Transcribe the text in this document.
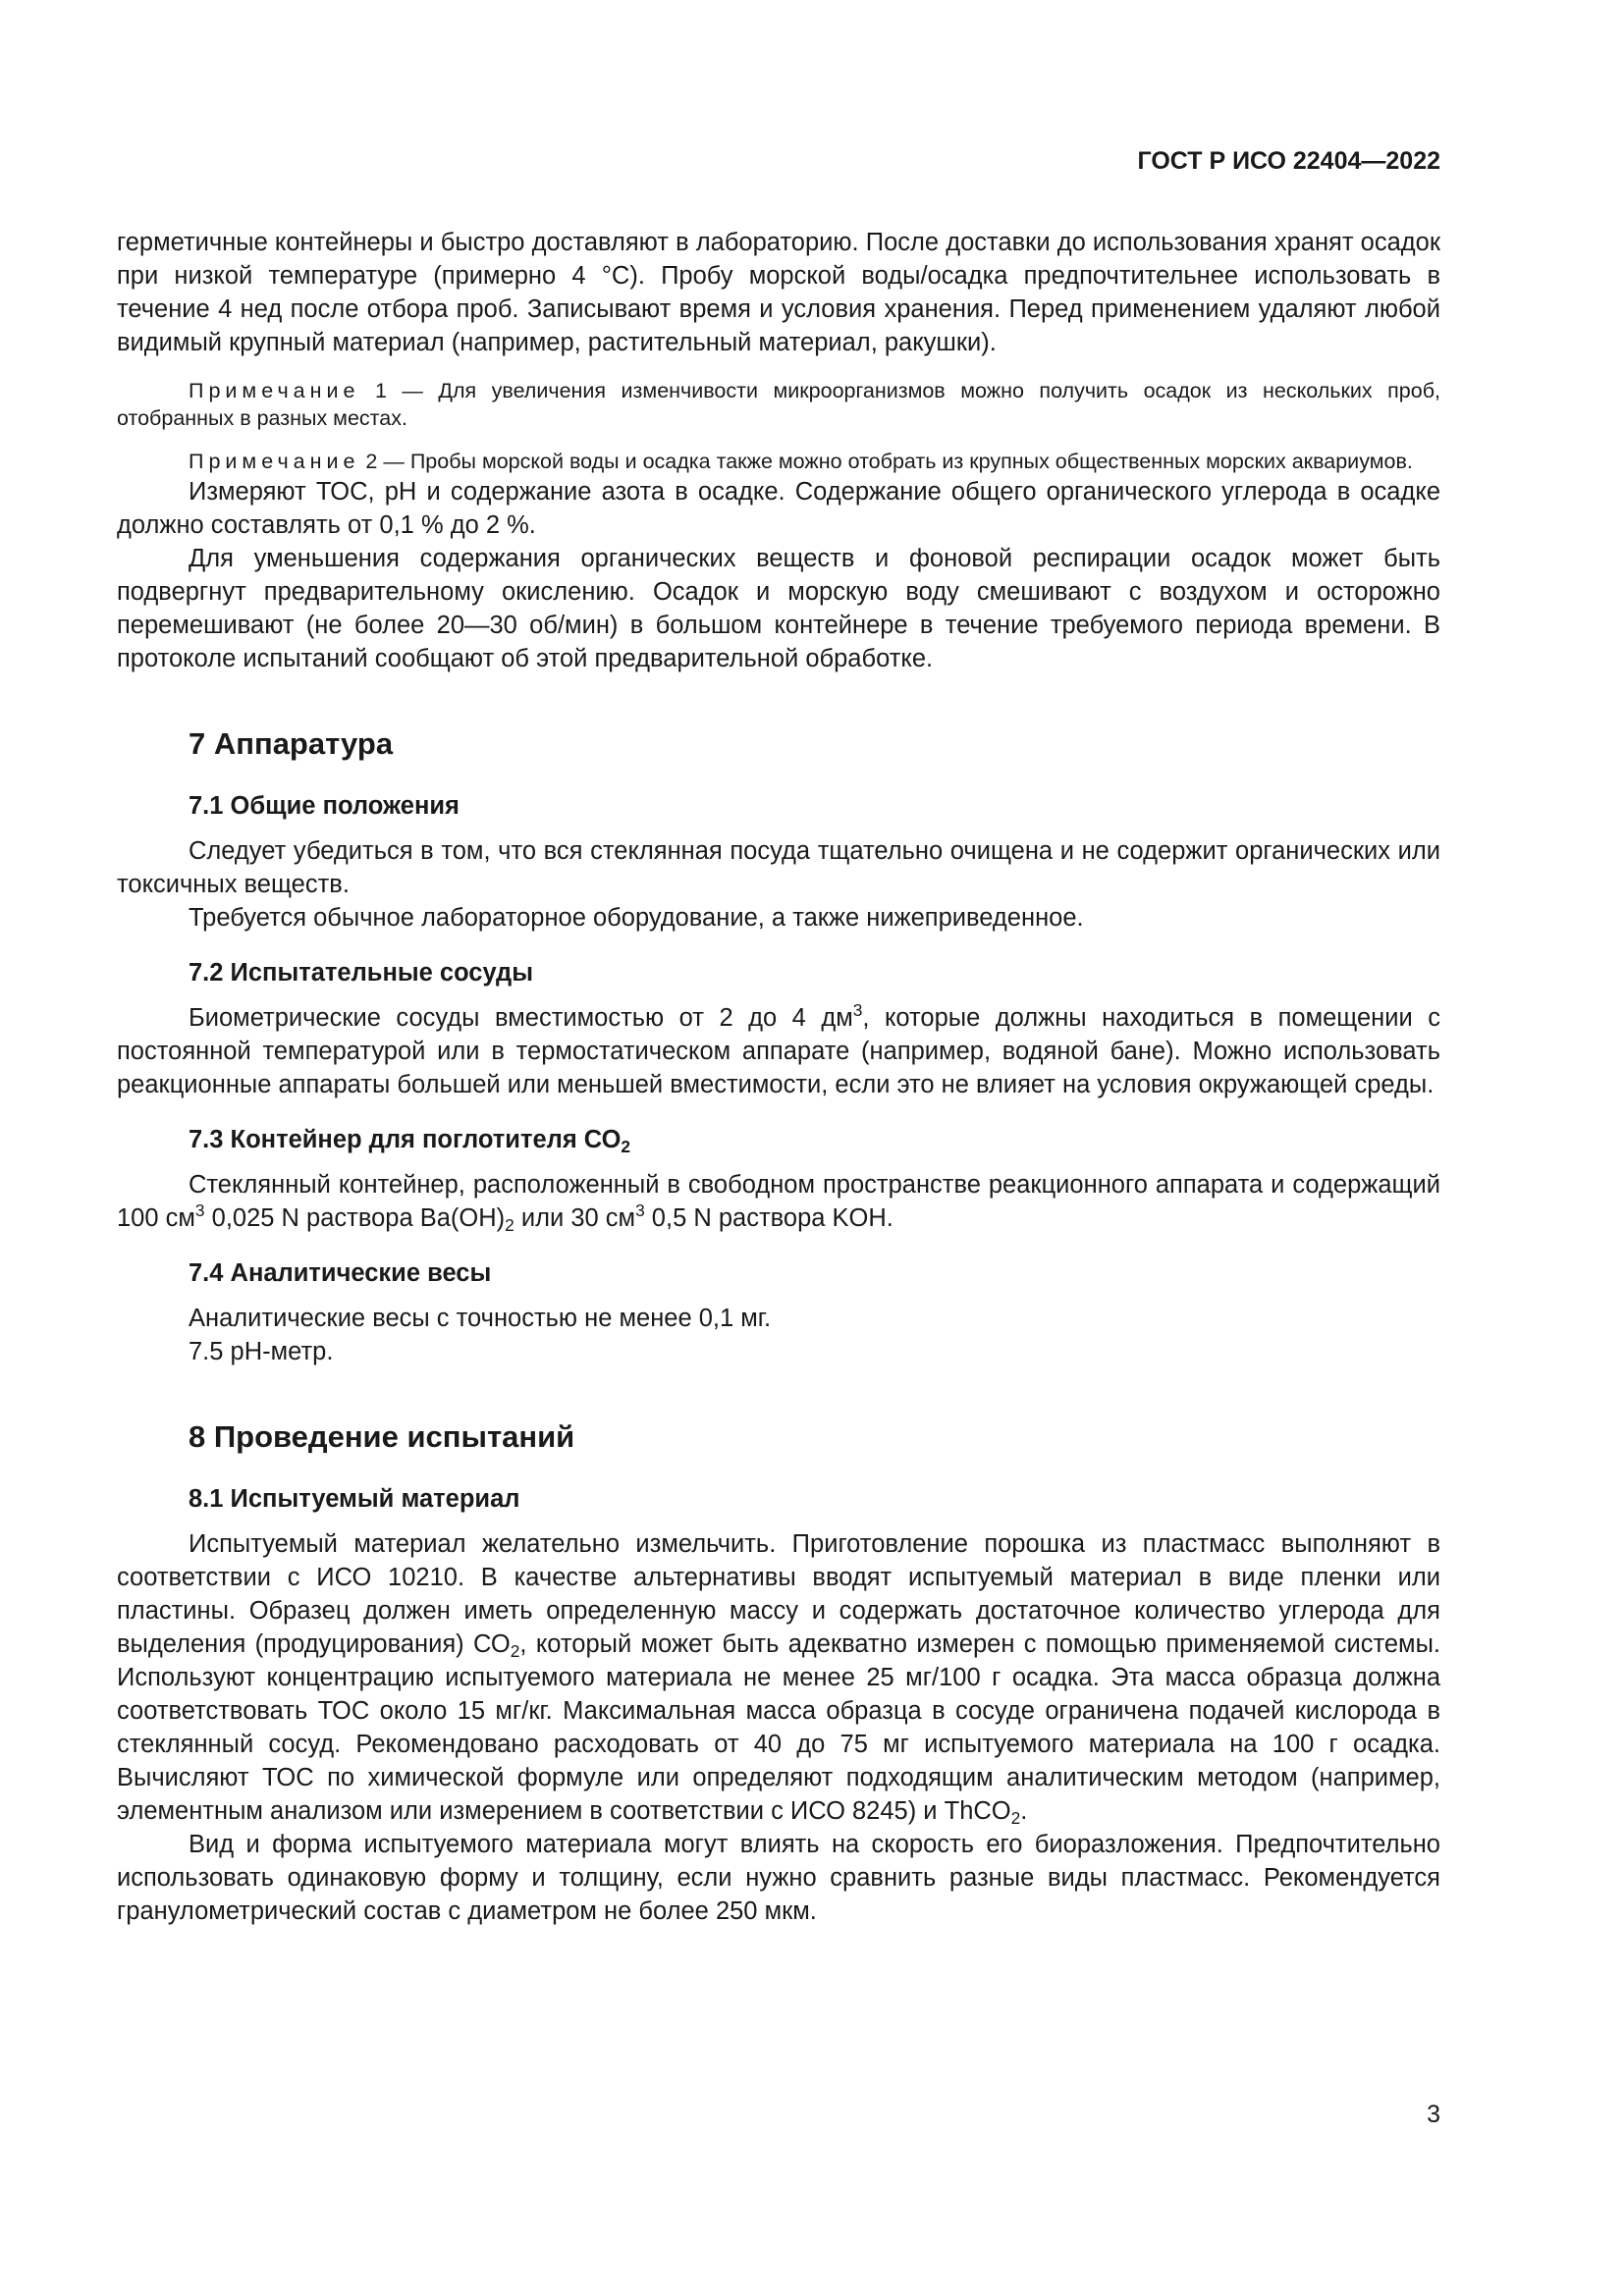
ГОСТ Р ИСО 22404—2022

герметичные контейнеры и быстро доставляют в лабораторию. После доставки до использования хранят осадок при низкой температуре (примерно 4 °С). Пробу морской воды/осадка предпочтительнее использовать в течение 4 нед после отбора проб. Записывают время и условия хранения. Перед применением удаляют любой видимый крупный материал (например, растительный материал, ракушки).

Примечание 1 — Для увеличения изменчивости микроорганизмов можно получить осадок из нескольких проб, отобранных в разных местах.
Примечание 2 — Пробы морской воды и осадка также можно отобрать из крупных общественных морских аквариумов.

Измеряют ТОС, рН и содержание азота в осадке. Содержание общего органического углерода в осадке должно составлять от 0,1 % до 2 %.

Для уменьшения содержания органических веществ и фоновой респирации осадок может быть подвергнут предварительному окислению. Осадок и морскую воду смешивают с воздухом и осторожно перемешивают (не более 20—30 об/мин) в большом контейнере в течение требуемого периода времени. В протоколе испытаний сообщают об этой предварительной обработке.

7 Аппаратура
7.1 Общие положения

Следует убедиться в том, что вся стеклянная посуда тщательно очищена и не содержит органических или токсичных веществ.

Требуется обычное лабораторное оборудование, а также нижеприведенное.

7.2 Испытательные сосуды

Биометрические сосуды вместимостью от 2 до 4 $дм^3$, которые должны находиться в помещении с постоянной температурой или в термостатическом аппарате (например, водяной бане). Можно использовать реакционные аппараты большей или меньшей вместимости, если это не влияет на условия окружающей среды.

7.3 Контейнер для поглотителя $СО_2$

Стеклянный контейнер, расположенный в свободном пространстве реакционного аппарата и содержащий 100 $см^3$ 0,025 N раствора $Ba(OH)_2$ или 30 $см^3$ 0,5 N раствора KOH.

7.4 Аналитические весы

Аналитические весы с точностью не менее 0,1 мг.

7.5 рН-метр.

8 Проведение испытаний
8.1 Испытуемый материал

Испытуемый материал желательно измельчить. Приготовление порошка из пластмасс выполняют в соответствии с ИСО 10210. В качестве альтернативы вводят испытуемый материал в виде пленки или пластины. Образец должен иметь определенную массу и содержать достаточное количество углерода для выделения (продуцирования) $СО_2$, который может быть адекватно измерен с помощью применяемой системы. Используют концентрацию испытуемого материала не менее 25 мг/100 г осадка. Эта масса образца должна соответствовать ТОС около 15 мг/кг. Максимальная масса образца в сосуде ограничена подачей кислорода в стеклянный сосуд. Рекомендовано расходовать от 40 до 75 мг испытуемого материала на 100 г осадка. Вычисляют ТОС по химической формуле или определяют подходящим аналитическим методом (например, элементным анализом или измерением в соответствии с ИСО 8245) и ThCO$_2$.

Вид и форма испытуемого материала могут влиять на скорость его биоразложения. Предпочтительно использовать одинаковую форму и толщину, если нужно сравнить разные виды пластмасс. Рекомендуется гранулометрический состав с диаметром не более 250 мкм.

3
